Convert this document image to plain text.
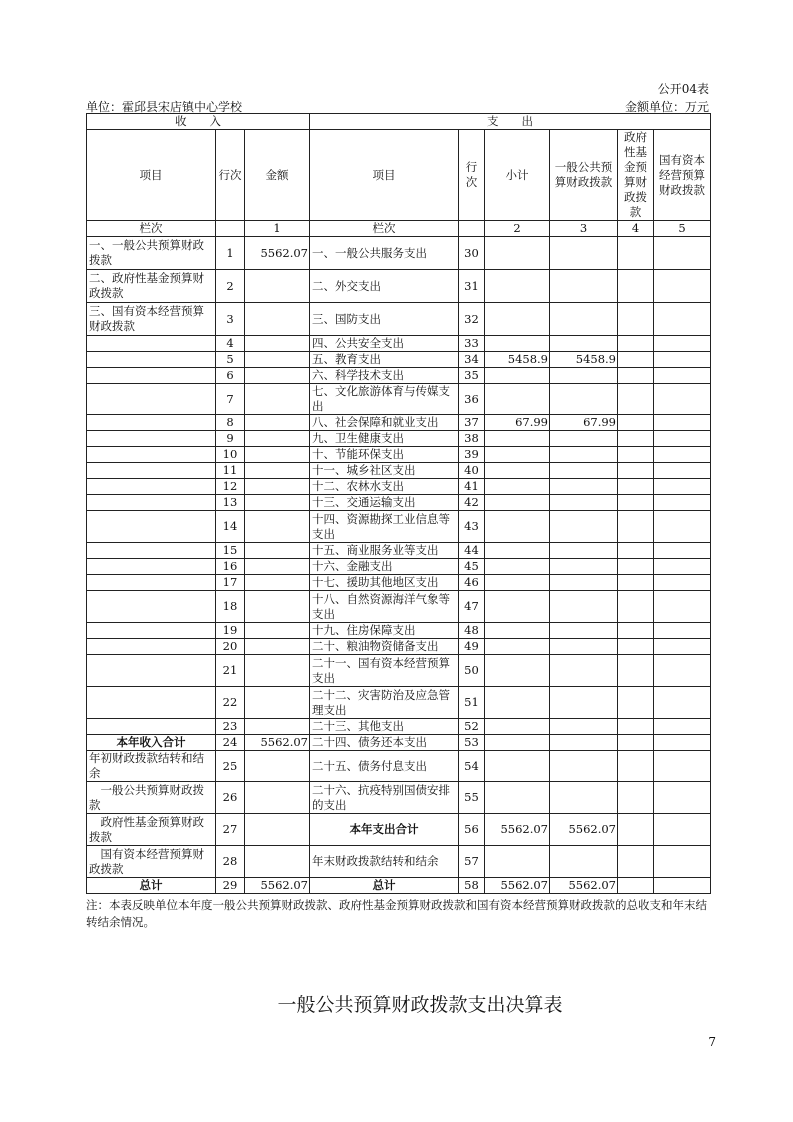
公开04表
单位：霍邱县宋店镇中心学校	金额单位：万元
收　　入			支　　出					
项目	行次	金额	项目	行次	小计	一般公共预算财政拨款	政府性基金预算财政拨款	国有资本经营预算财政拨款
栏次		1	栏次		2	3	4	5
一、一般公共预算财政拨款	1	5562.07	一、一般公共服务支出	30				
二、政府性基金预算财政拨款	2		二、外交支出	31				
三、国有资本经营预算财政拨款	3		三、国防支出	32				
	4		四、公共安全支出	33				
	5		五、教育支出	34	5458.9	5458.9		
	6		六、科学技术支出	35				
	7		七、文化旅游体育与传媒支出	36				
	8		八、社会保障和就业支出	37	67.99	67.99		
	9		九、卫生健康支出	38				
	10		十、节能环保支出	39				
	11		十一、城乡社区支出	40				
	12		十二、农林水支出	41				
	13		十三、交通运输支出	42				
	14		十四、资源勘探工业信息等支出	43				
	15		十五、商业服务业等支出	44				
	16		十六、金融支出	45				
	17		十七、援助其他地区支出	46				
	18		十八、自然资源海洋气象等支出	47				
	19		十九、住房保障支出	48				
	20		二十、粮油物资储备支出	49				
	21		二十一、国有资本经营预算支出	50				
	22		二十二、灾害防治及应急管理支出	51				
	23		二十三、其他支出	52				
本年收入合计	24	5562.07	二十四、债务还本支出	53				
年初财政拨款结转和结余	25		二十五、债务付息支出	54				
一般公共预算财政拨款	26		二十六、抗疫特别国债安排的支出	55				
政府性基金预算财政拨款	27		本年支出合计	56	5562.07	5562.07		
国有资本经营预算财政拨款	28		年末财政拨款结转和结余	57				
总计	29	5562.07	总计	58	5562.07	5562.07		
注：本表反映单位本年度一般公共预算财政拨款、政府性基金预算财政拨款和国有资本经营预算财政拨款的总收支和年末结转结余情况。
一般公共预算财政拨款支出决算表
7
